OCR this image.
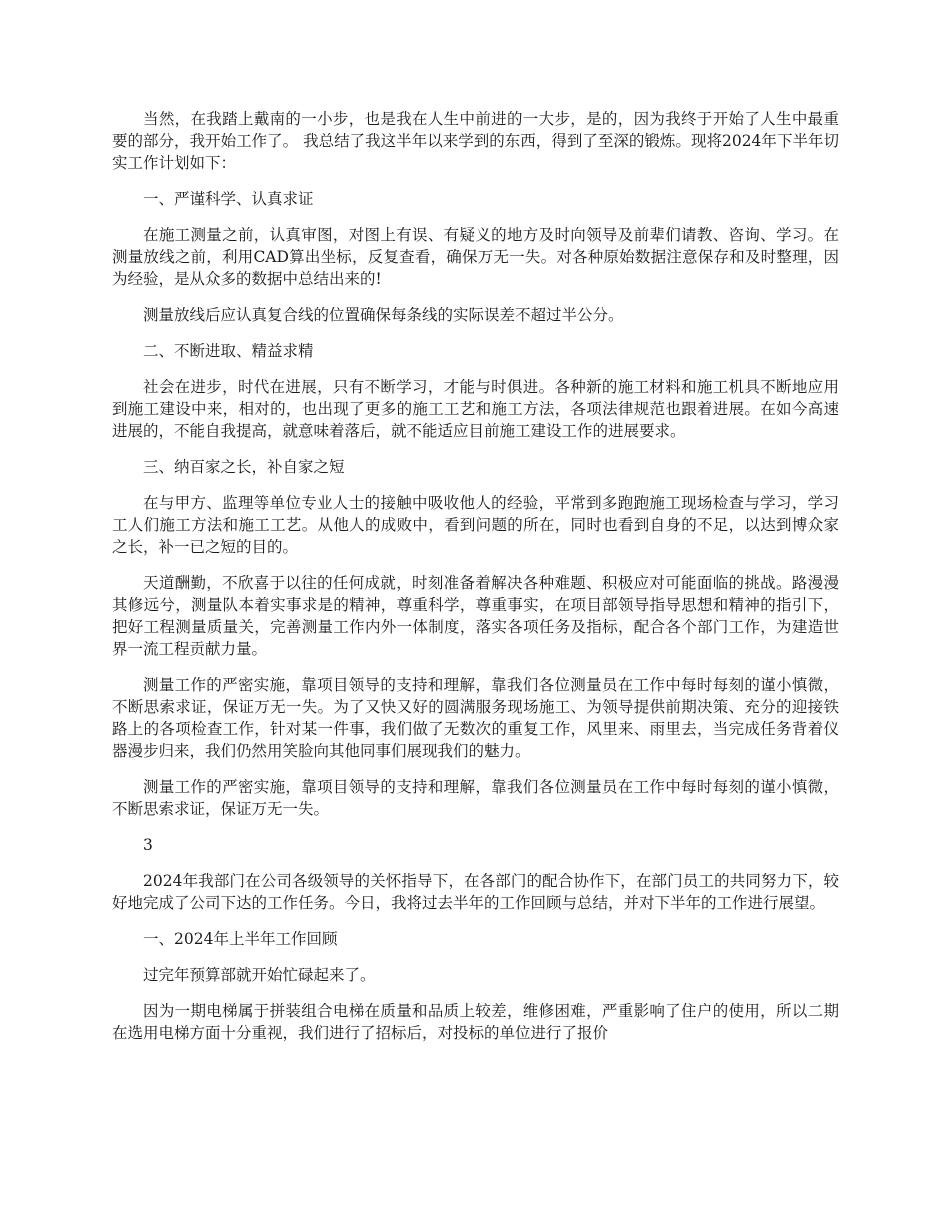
当然，在我踏上戴南的一小步，也是我在人生中前进的一大步，是的，因为我终于开始了人生中最重要的部分，我开始工作了。 我总结了我这半年以来学到的东西，得到了至深的锻炼。现将2024年下半年切实工作计划如下：

一、严谨科学、认真求证

在施工测量之前，认真审图，对图上有误、有疑义的地方及时向领导及前辈们请教、咨询、学习。在测量放线之前，利用CAD算出坐标，反复查看，确保万无一失。对各种原始数据注意保存和及时整理，因为经验，是从众多的数据中总结出来的!

测量放线后应认真复合线的位置确保每条线的实际误差不超过半公分。

二、不断进取、精益求精

社会在进步，时代在进展，只有不断学习，才能与时俱进。各种新的施工材料和施工机具不断地应用到施工建设中来，相对的，也出现了更多的施工工艺和施工方法，各项法律规范也跟着进展。在如今高速进展的，不能自我提高，就意味着落后，就不能适应目前施工建设工作的进展要求。

三、纳百家之长，补自家之短

在与甲方、监理等单位专业人士的接触中吸收他人的经验，平常到多跑跑施工现场检查与学习，学习工人们施工方法和施工工艺。从他人的成败中，看到问题的所在，同时也看到自身的不足，以达到博众家之长，补一已之短的目的。

天道酬勤，不欣喜于以往的任何成就，时刻准备着解决各种难题、积极应对可能面临的挑战。路漫漫其修远兮，测量队本着实事求是的精神，尊重科学，尊重事实，在项目部领导指导思想和精神的指引下，把好工程测量质量关，完善测量工作内外一体制度，落实各项任务及指标，配合各个部门工作，为建造世界一流工程贡献力量。

测量工作的严密实施，靠项目领导的支持和理解，靠我们各位测量员在工作中每时每刻的谨小慎微，不断思索求证，保证万无一失。为了又快又好的圆满服务现场施工、为领导提供前期决策、充分的迎接铁路上的各项检查工作，针对某一件事，我们做了无数次的重复工作，风里来、雨里去，当完成任务背着仪器漫步归来，我们仍然用笑脸向其他同事们展现我们的魅力。

测量工作的严密实施，靠项目领导的支持和理解，靠我们各位测量员在工作中每时每刻的谨小慎微，不断思索求证，保证万无一失。

3

2024年我部门在公司各级领导的关怀指导下，在各部门的配合协作下，在部门员工的共同努力下，较好地完成了公司下达的工作任务。今日，我将过去半年的工作回顾与总结，并对下半年的工作进行展望。

一、2024年上半年工作回顾

过完年预算部就开始忙碌起来了。

因为一期电梯属于拼装组合电梯在质量和品质上较差，维修困难，严重影响了住户的使用，所以二期在选用电梯方面十分重视，我们进行了招标后，对投标的单位进行了报价
